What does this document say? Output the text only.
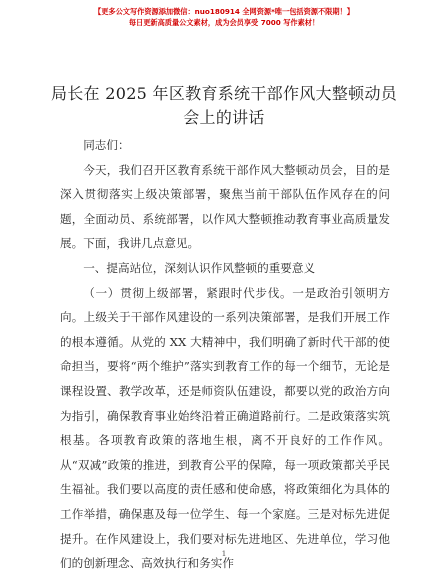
【更多公文写作资源添加微信：nuo180914 全网资源*唯一包括资源不限期！】
每日更新高质量公文素材，成为会员享受 7000 写作素材！
局长在 2025 年区教育系统干部作风大整顿动员
会上的讲话

同志们：

今天，我们召开区教育系统干部作风大整顿动员会，目的是深入贯彻落实上级决策部署，聚焦当前干部队伍作风存在的问题，全面动员、系统部署，以作风大整顿推动教育事业高质量发展。下面，我讲几点意见。

一、提高站位，深刻认识作风整顿的重要意义

（一）贯彻上级部署，紧跟时代步伐。一是政治引领明方向。上级关于干部作风建设的一系列决策部署，是我们开展工作的根本遵循。从党的 XX 大精神中，我们明确了新时代干部的使命担当，要将“两个维护”落实到教育工作的每一个细节，无论是课程设置、教学改革，还是师资队伍建设，都要以党的政治方向为指引，确保教育事业始终沿着正确道路前行。二是政策落实筑根基。各项教育政策的落地生根，离不开良好的工作作风。从“双减”政策的推进，到教育公平的保障，每一项政策都关乎民生福祉。我们要以高度的责任感和使命感，将政策细化为具体的工作举措，确保惠及每一位学生、每一个家庭。三是对标先进促提升。在作风建设上，我们要对标先进地区、先进单位，学习他们的创新理念、高效执行和务实作

1
